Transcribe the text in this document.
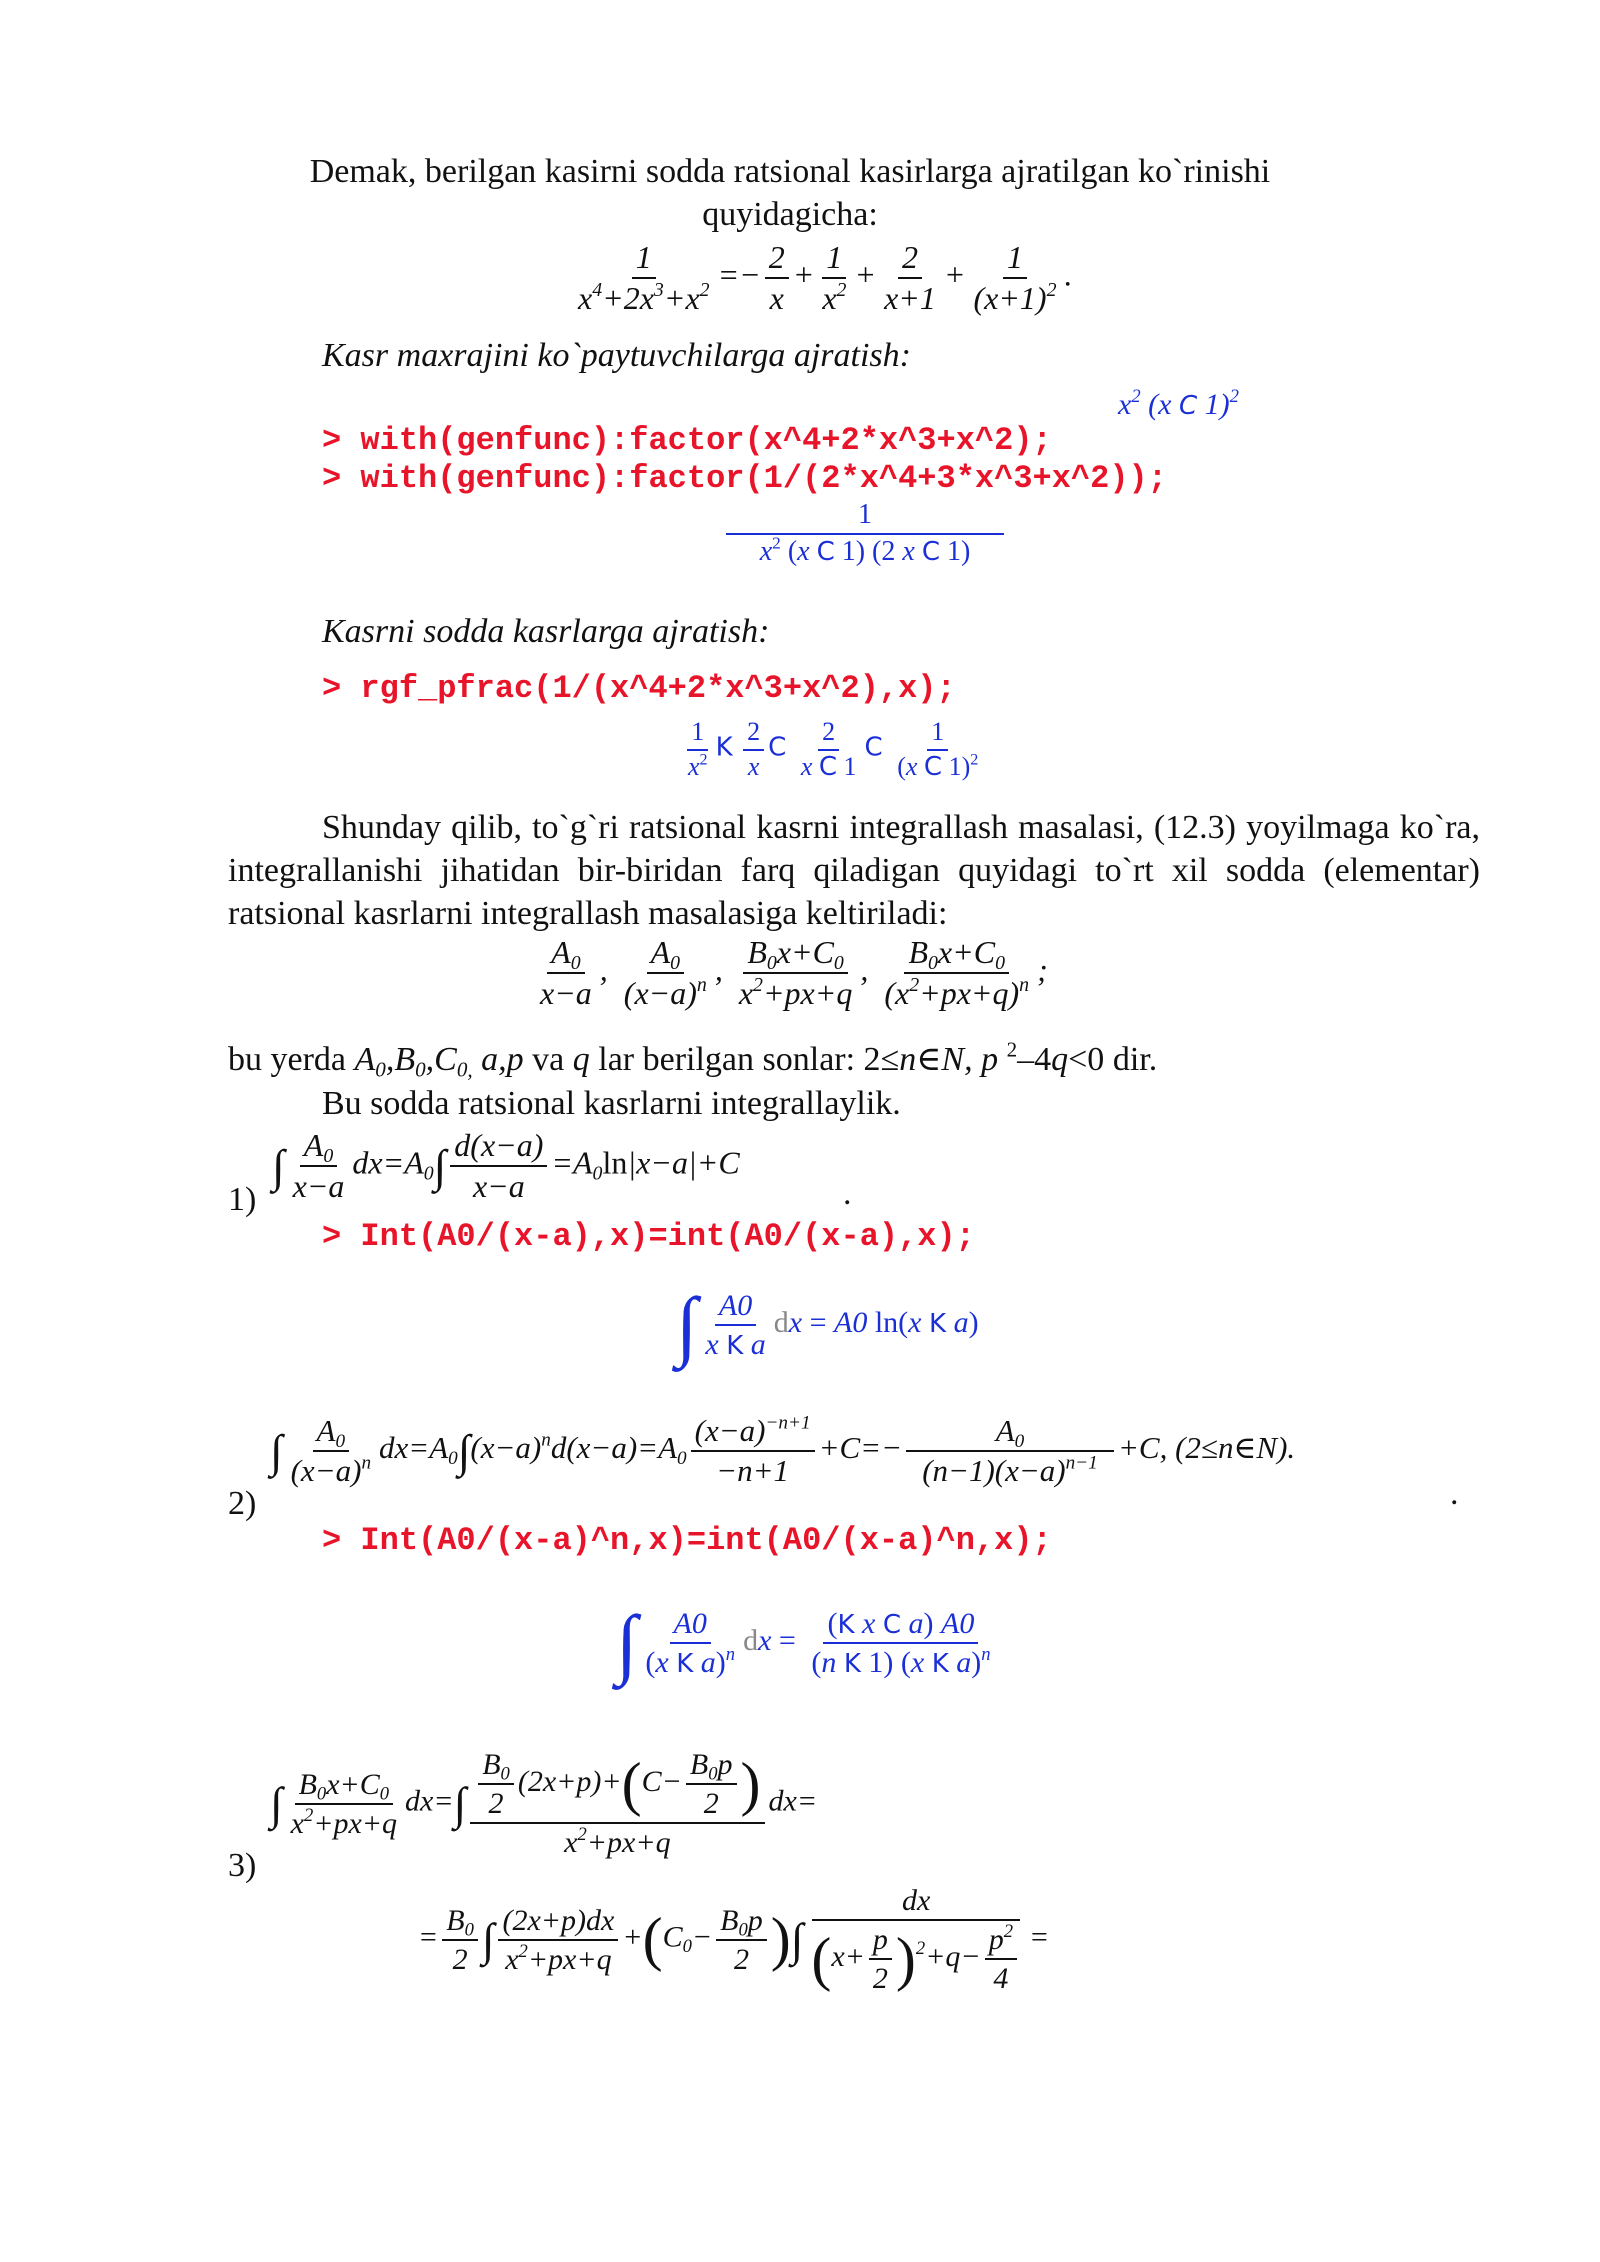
Demak, berilgan kasirni sodda ratsional kasirlarga ajratilgan ko`rinishi
quyidagicha:
$\frac{1}{x^4+2x^3+x^2} =- \frac{2}{x} + \frac{1}{x^2} + \frac{2}{x+1} + \frac{1}{(x+1)^2}$ .
Kasr maxrajini ko`paytuvchilarga ajratish:
$x^2$ (x C 1)$^2$
> with(genfunc):factor(x^4+2*x^3+x^2);
> with(genfunc):factor(1/(2*x^4+3*x^3+x^2));
$\frac{1}{x^2 (x C 1) (2 x C 1)}$
Kasrni sodda kasrlarga ajratish:
> rgf_pfrac(1/(x^4+2*x^3+x^2),x);
$\frac{1}{x^2}$ K $\frac{2}{x}$ C $\frac{2}{\text{x C 1}}$ C $\frac{1}{(x C 1)^2}$
Shunday qilib, to`g`ri ratsional kasrni integrallash masalasi, (12.3) yoyilmaga ko`ra, integrallanishi jihatidan bir-biridan farq qiladigan quyidagi to`rt xil sodda (elementar) ratsional kasrlarni integrallash masalasiga keltiriladi:
$\frac{A_0}{x-a}$ , $\frac{A_0}{(x-a)^n}$ , $\frac{B_0x+C_0}{x^2+px+q}$ , $\frac{B_0x+C_0}{(x^2+px+q)^n}$ ;
bu yerda $A_0,B_0,C_{0,}$ a,p va q lar berilgan sonlar: 2≤n∈N, p $^2$–4q<0 dir.
Bu sodda ratsional kasrlarni integrallaylik.
1)
∫ $\frac{A_0}{x-a} dx=A_0\int \frac{d(x-a)}{x-a} =A_0\ln|x-a|+C$
.
> Int(A0/(x-a),x)=int(A0/(x-a),x);
∫ $\frac{A0}{\text{x K a}}$ dx = A0 ln(x K a)
2)
∫ $\frac{A_0}{(x-a)^n} dx=A_0\int(x-a)^nd(x-a)=A_0 \frac{(x-a)^{-n+1}}{-n+1} +C=- \frac{A_0}{(n-1)(x-a)^{n-1}} +C$, (2≤n∈N).
.
> Int(A0/(x-a)^n,x)=int(A0/(x-a)^n,x);
∫ $\frac{A0}{(x K a)^n}$ dx = $\frac{\text{(K x C a) A0}}{(n K 1) (x K a)^n}$
3)
∫ $\frac{B_0x+C_0}{x^2+px+q} dx=\int \frac{\frac{B_0}{2} (2x+p)+(C- \frac{B_0p}{2} )}{x^2+px+q} dx=$
= $\frac{B_0}{2}$ ∫ $\frac{(2x+p)dx}{x^2+px+q} +(C_0- \frac{B_0p}{2}$ )∫ $\frac{dx}{(x+ \frac{p}{2} )^2+q- \frac{p^2}{4}}$ =
